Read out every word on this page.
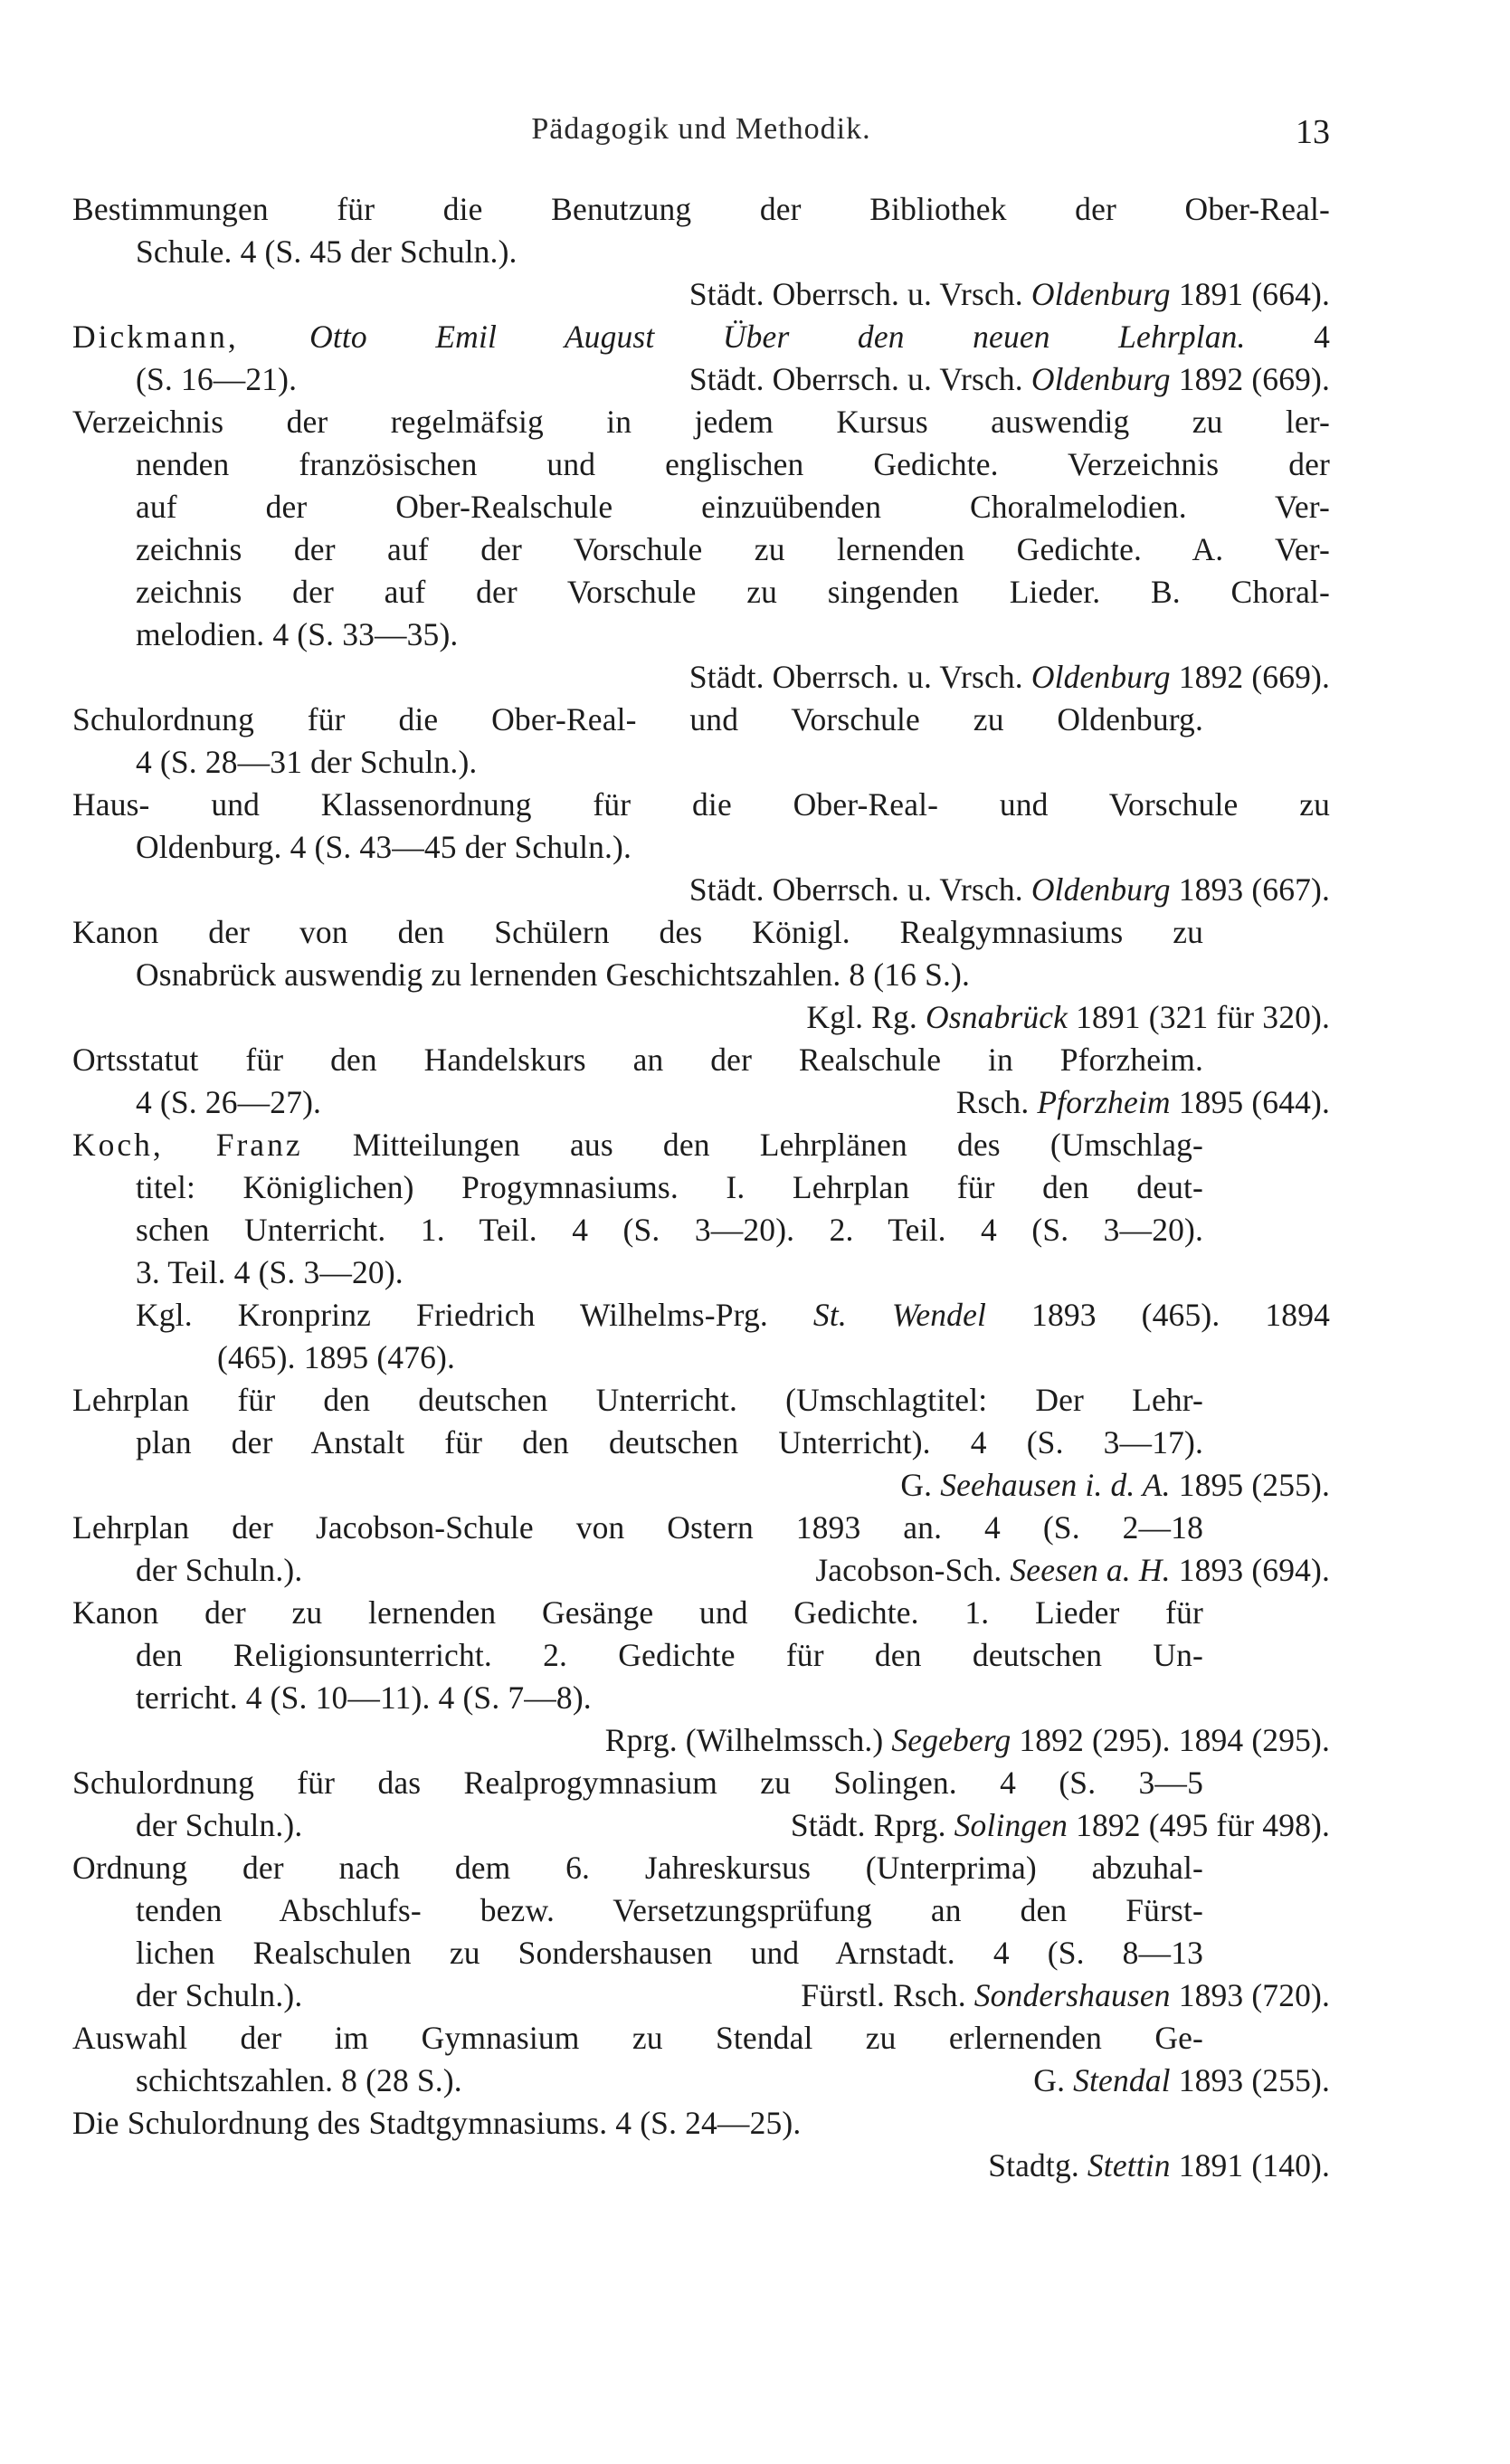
Pädagogik und Methodik.	13
Bestimmungen für die Benutzung der Bibliothek der Ober-Real-
Schule. 4 (S. 45 der Schuln.).
Städt. Oberrsch. u. Vrsch. Oldenburg 1891 (664).
Dickmann, Otto Emil August Über den neuen Lehrplan. 4
(S. 16—21).	Städt. Oberrsch. u. Vrsch. Oldenburg 1892 (669).
Verzeichnis der regelmäfsig in jedem Kursus auswendig zu ler-
nenden französischen und englischen Gedichte. Verzeichnis der
auf der Ober-Realschule einzuübenden Choralmelodien. Ver-
zeichnis der auf der Vorschule zu lernenden Gedichte. A. Ver-
zeichnis der auf der Vorschule zu singenden Lieder. B. Choral-
melodien. 4 (S. 33—35).
Städt. Oberrsch. u. Vrsch. Oldenburg 1892 (669).
Schulordnung für die Ober-Real- und Vorschule zu Oldenburg.
4 (S. 28—31 der Schuln.).
Haus- und Klassenordnung für die Ober-Real- und Vorschule zu
Oldenburg. 4 (S. 43—45 der Schuln.).
Städt. Oberrsch. u. Vrsch. Oldenburg 1893 (667).
Kanon der von den Schülern des Königl. Realgymnasiums zu
Osnabrück auswendig zu lernenden Geschichtszahlen. 8 (16 S.).
Kgl. Rg. Osnabrück 1891 (321 für 320).
Ortsstatut für den Handelskurs an der Realschule in Pforzheim.
4 (S. 26—27).	Rsch. Pforzheim 1895 (644).
Koch, Franz Mitteilungen aus den Lehrplänen des (Umschlag-
titel: Königlichen) Progymnasiums. I. Lehrplan für den deut-
schen Unterricht. 1. Teil. 4 (S. 3—20). 2. Teil. 4 (S. 3—20).
3. Teil. 4 (S. 3—20).
Kgl. Kronprinz Friedrich Wilhelms-Prg. St. Wendel 1893 (465). 1894
(465). 1895 (476).
Lehrplan für den deutschen Unterricht. (Umschlagtitel: Der Lehr-
plan der Anstalt für den deutschen Unterricht). 4 (S. 3—17).
G. Seehausen i. d. A. 1895 (255).
Lehrplan der Jacobson-Schule von Ostern 1893 an. 4 (S. 2—18
der Schuln.).	Jacobson-Sch. Seesen a. H. 1893 (694).
Kanon der zu lernenden Gesänge und Gedichte. 1. Lieder für
den Religionsunterricht. 2. Gedichte für den deutschen Un-
terricht. 4 (S. 10—11). 4 (S. 7—8).
Rprg. (Wilhelmssch.) Segeberg 1892 (295). 1894 (295).
Schulordnung für das Realprogymnasium zu Solingen. 4 (S. 3—5
der Schuln.).	Städt. Rprg. Solingen 1892 (495 für 498).
Ordnung der nach dem 6. Jahreskursus (Unterprima) abzuhal-
tenden Abschlufs- bezw. Versetzungsprüfung an den Fürst-
lichen Realschulen zu Sondershausen und Arnstadt. 4 (S. 8—13
der Schuln.).	Fürstl. Rsch. Sondershausen 1893 (720).
Auswahl der im Gymnasium zu Stendal zu erlernenden Ge-
schichtszahlen. 8 (28 S.).	G. Stendal 1893 (255).
Die Schulordnung des Stadtgymnasiums. 4 (S. 24—25).
Stadtg. Stettin 1891 (140).
